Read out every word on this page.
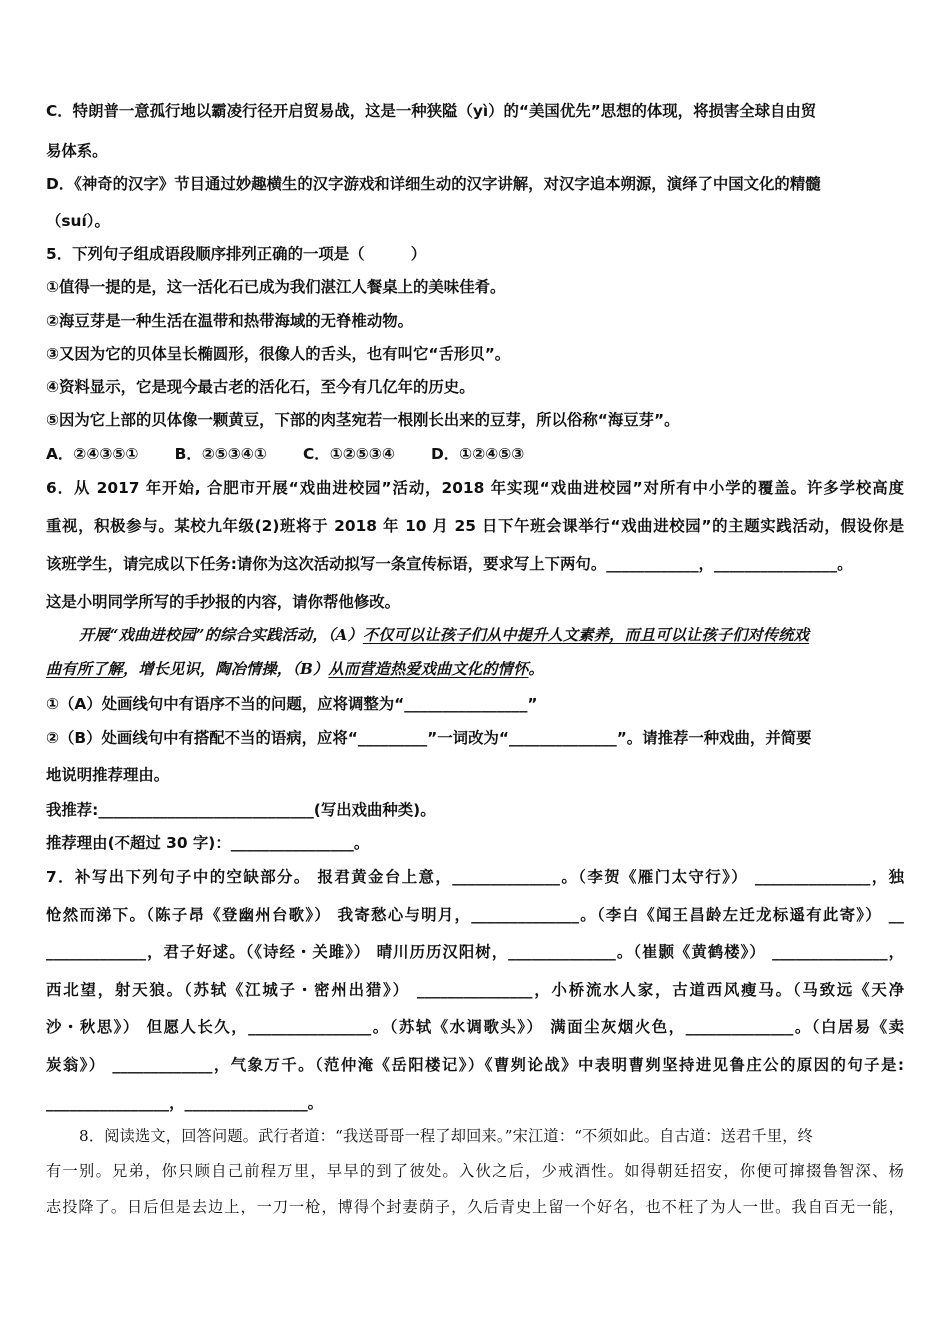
C．特朗普一意孤行地以霸凌行径开启贸易战，这是一种狭隘（yì）的“美国优先”思想的体现，将损害全球自由贸
易体系。
D．《神奇的汉字》节目通过妙趣横生的汉字游戏和详细生动的汉字讲解，对汉字追本朔源，演绎了中国文化的精髓
（suí）。
5．下列句子组成语段顺序排列正确的一项是（　　　）
①值得一提的是，这一活化石已成为我们湛江人餐桌上的美味佳肴。
②海豆芽是一种生活在温带和热带海域的无脊椎动物。
③又因为它的贝体呈长椭圆形，很像人的舌头，也有叫它“舌形贝”。
④资料显示，它是现今最古老的活化石，至今有几亿年的历史。
⑤因为它上部的贝体像一颗黄豆，下部的肉茎宛若一根刚长出来的豆芽，所以俗称“海豆芽”。
A．②④③⑤①　　 B．②⑤③④①　　 C．①②⑤③④　　 D．①②④⑤③
6．从 2017 年开始, 合肥市开展“戏曲进校园”活动，2018 年实现“戏曲进校园”对所有中小学的覆盖。许多学校高度
重视，积极参与。某校九年级(2)班将于 2018 年 10 月 25 日下午班会课举行“戏曲进校园”的主题实践活动，假设你是
该班学生，请完成以下任务:请你为这次活动拟写一条宣传标语，要求写上下两句。____________，________________。
这是小明同学所写的手抄报的内容，请你帮他修改。
开展“戏曲进校园”的综合实践活动，（A）不仅可以让孩子们从中提升人文素养，而且可以让孩子们对传统戏
曲有所了解，增长见识，陶冶情操，（B）从而营造热爱戏曲文化的情怀。
①（A）处画线句中有语序不当的问题，应将调整为“________________”
②（B）处画线句中有搭配不当的语病，应将“_________”一词改为“______________”。请推荐一种戏曲，并简要
地说明推荐理由。
我推荐:____________________________(写出戏曲种类)。
推荐理由(不超过 30 字)：________________。
7．补写出下列句子中的空缺部分。 报君黄金台上意，______________。（李贺《雁门太守行》） _______________，独
怆然而涕下。（陈子昂《登幽州台歌》） 我寄愁心与明月，______________。（李白《闻王昌龄左迁龙标遥有此寄》） __
_____________，君子好逑。（《诗经・关雎》） 晴川历历汉阳树，______________。（崔颢《黄鹤楼》） _______________，
西北望，射天狼。（苏轼《江城子・密州出猎》） _______________，小桥流水人家，古道西风瘦马。（马致远《天净
沙・秋思》） 但愿人长久，________________。（苏轼《水调歌头》） 满面尘灰烟火色，______________。（白居易《卖
炭翁》） _____________，气象万千。（范仲淹《岳阳楼记》）《曹刿论战》中表明曹刿坚持进见鲁庄公的原因的句子是:
________________，________________。
8．阅读选文，回答问题。武行者道：“我送哥哥一程了却回来。”宋江道：“不须如此。自古道：送君千里，终
有一别。兄弟，你只顾自己前程万里，早早的到了彼处。入伙之后，少戒酒性。如得朝廷招安，你便可撺掇鲁智深、杨
志投降了。日后但是去边上，一刀一枪，博得个封妻荫子，久后青史上留一个好名，也不枉了为人一世。我自百无一能，
